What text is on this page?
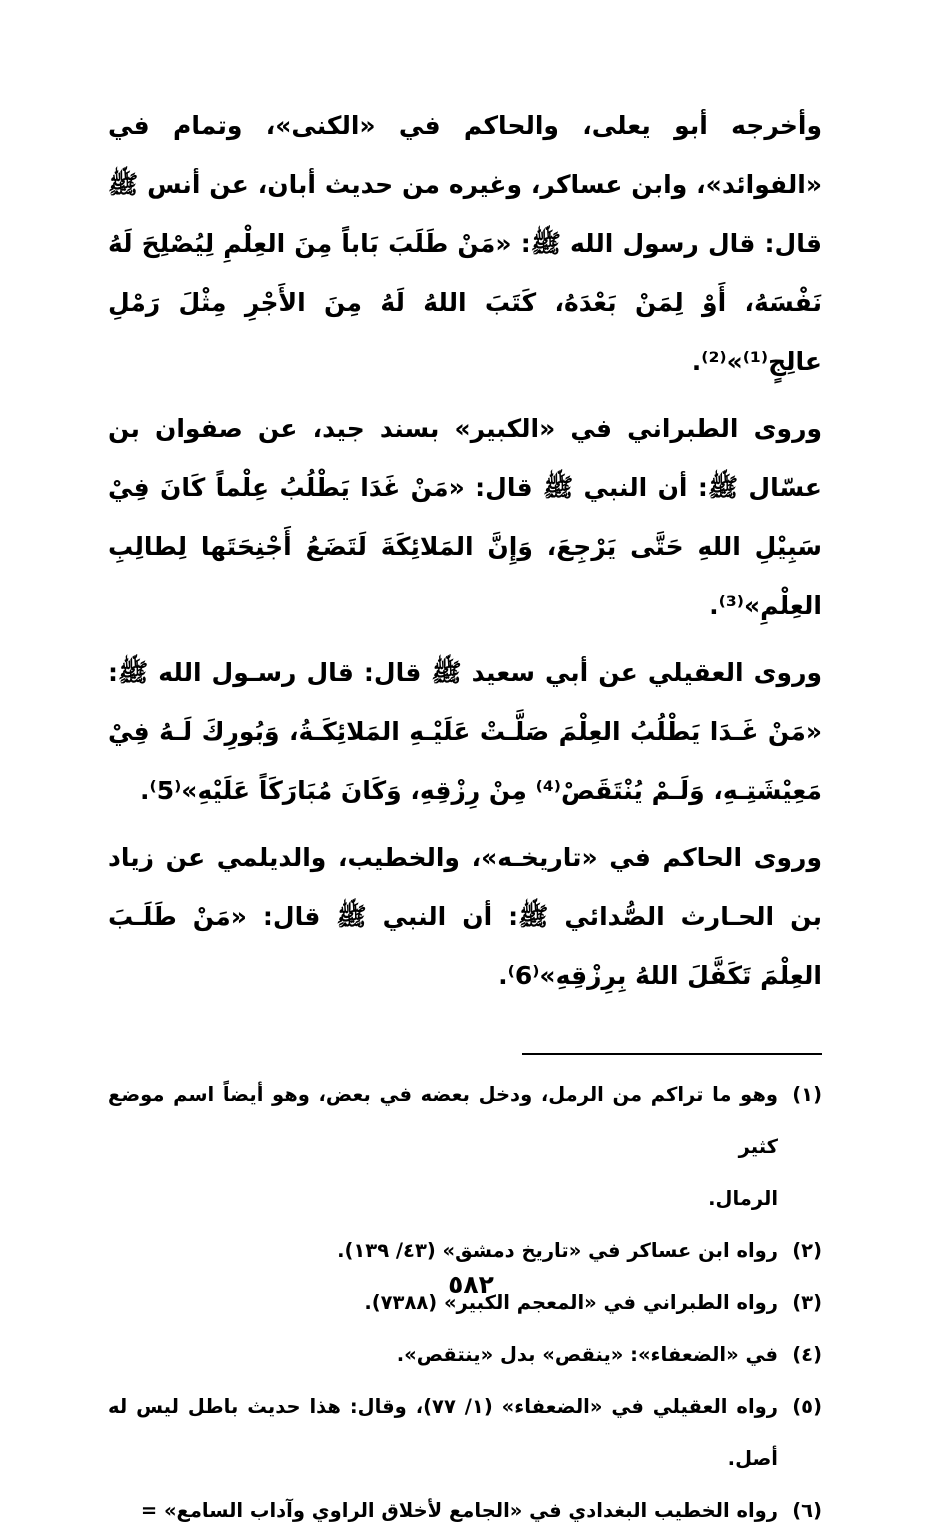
وأخرجه أبو يعلى، والحاكم في «الكنى»، وتمام في «الفوائد»، وابن عساكر، وغيره من حديث أبان، عن أنس ﷺ قال: قال رسول الله ﷺ: «مَنْ طَلَبَ بَاباً مِنَ العِلْمِ لِيُصْلِحَ لَهُ نَفْسَهُ، أَوْ لِمَنْ بَعْدَهُ، كَتَبَ اللهُ لَهُ مِنَ الأَجْرِ مِثْلَ رَمْلِ عالِجٍ⁽¹⁾»⁽²⁾.

وروى الطبراني في «الكبير» بسند جيد، عن صفوان بن عسّال ﷺ: أن النبي ﷺ قال: «مَنْ غَدَا يَطْلُبُ عِلْماً كَانَ فِيْ سَبِيْلِ اللهِ حَتَّى يَرْجِعَ، وَإِنَّ المَلائِكَةَ لَتَضَعُ أَجْنِحَتَها لِطالِبِ العِلْمِ»⁽³⁾.

وروى العقيلي عن أبي سعيد ﷺ قال: قال رسـول الله ﷺ: «مَنْ غَـدَا يَطْلُبُ العِلْمَ صَلَّـتْ عَلَيْـهِ المَلائِكَـةُ، وَبُورِكَ لَـهُ فِيْ مَعِيْشَتِـهِ، وَلَـمْ يُنْتَقَصْ⁽⁴⁾ مِنْ رِزْقِهِ، وَكَانَ مُبَارَكَاً عَلَيْهِ»⁽5⁾.

وروى الحاكم في «تاريخـه»، والخطيب، والديلمي عن زياد بن الحـارث الصُّدائي ﷺ: أن النبي ﷺ قال: «مَنْ طَلَـبَ العِلْمَ تَكَفَّلَ اللهُ بِرِزْقِهِ»⁽6⁾.

(١)
وهو ما تراكم من الرمل، ودخل بعضه في بعض، وهو أيضاً اسم موضع كثير
الرمال.
(٢)
رواه ابن عساكر في «تاريخ دمشق» (٤٣/ ١٣٩).
(٣)
رواه الطبراني في «المعجم الكبير» (٧٣٨٨).
(٤)
في «الضعفاء»: «ينقص» بدل «ينتقص».
(٥)
رواه العقيلي في «الضعفاء» (١/ ٧٧)، وقال: هذا حديث باطل ليس له أصل.
(٦)
رواه الخطيب البغدادي في «الجامع لأخلاق الراوي وآداب السامع» =
٥٨٢
